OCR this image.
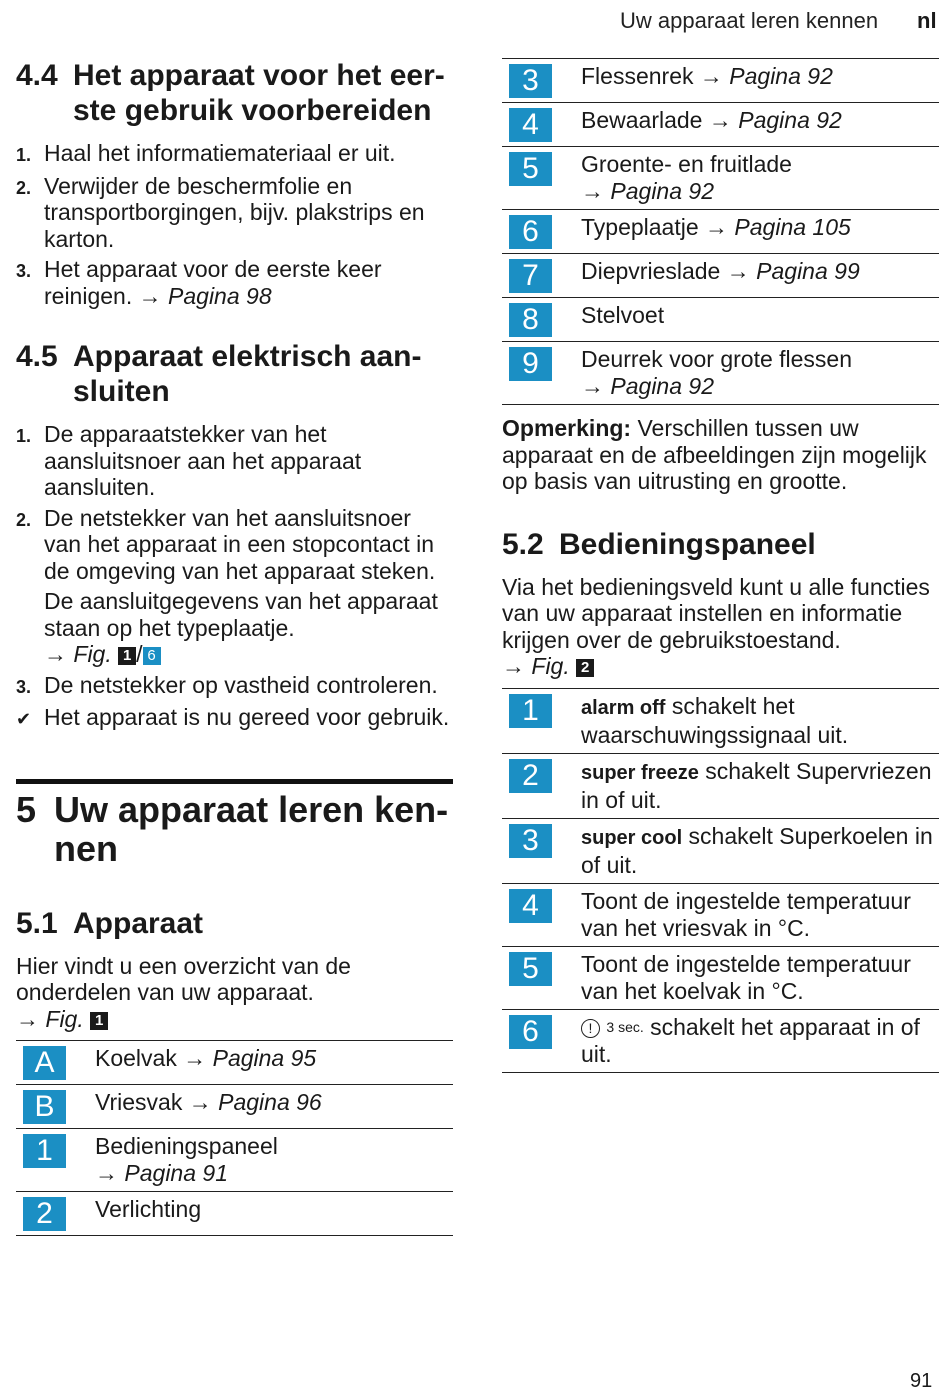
Uw apparaat leren kennen nl
4.4 Het apparaat voor het eer-
ste gebruik voorbereiden
1. Haal het informatiemateriaal er uit.
2. Verwijder de beschermfolie en transportborgingen, bijv. plakstrips en karton.
3. Het apparaat voor de eerste keer reinigen. → Pagina 98
4.5 Apparaat elektrisch aan-
sluiten
1. De apparaatstekker van het aansluitsnoer aan het apparaat aansluiten.
2. De netstekker van het aansluitsnoer van het apparaat in een stopcontact in de omgeving van het apparaat steken.
De aansluitgegevens van het apparaat staan op het typeplaatje.
→ Fig. 1 / 6
3. De netstekker op vastheid controleren.
✔ Het apparaat is nu gereed voor gebruik.
5 Uw apparaat leren ken-
nen
5.1 Apparaat

Hier vindt u een overzicht van de onderdelen van uw apparaat.
→ Fig. 1

A	Koelvak → Pagina 95

B	Vriesvak → Pagina 96

1	Bedieningspaneel
→ Pagina 91

2	Verlichting
3	Flessenrek → Pagina 92

4	Bewaarlade → Pagina 92

5	Groente- en fruitlade
→ Pagina 92

6	Typeplaatje → Pagina 105

7	Diepvrieslade → Pagina 99

8	Stelvoet

9	Deurrek voor grote flessen
→ Pagina 92

Opmerking: Verschillen tussen uw apparaat en de afbeeldingen zijn mogelijk op basis van uitrusting en grootte.

5.2 Bedieningspaneel

Via het bedieningsveld kunt u alle functies van uw apparaat instellen en informatie krijgen over de gebruikstoestand.
→ Fig. 2

1	alarm off schakelt het waarschuwingssignaal uit.

2	super freeze schakelt Supervriezen in of uit.

3	super cool schakelt Superkoelen in of uit.

4	Toont de ingestelde temperatuur van het vriesvak in °C.

5	Toont de ingestelde temperatuur van het koelvak in °C.

6	! 3 sec. schakelt het apparaat in of uit.
91
